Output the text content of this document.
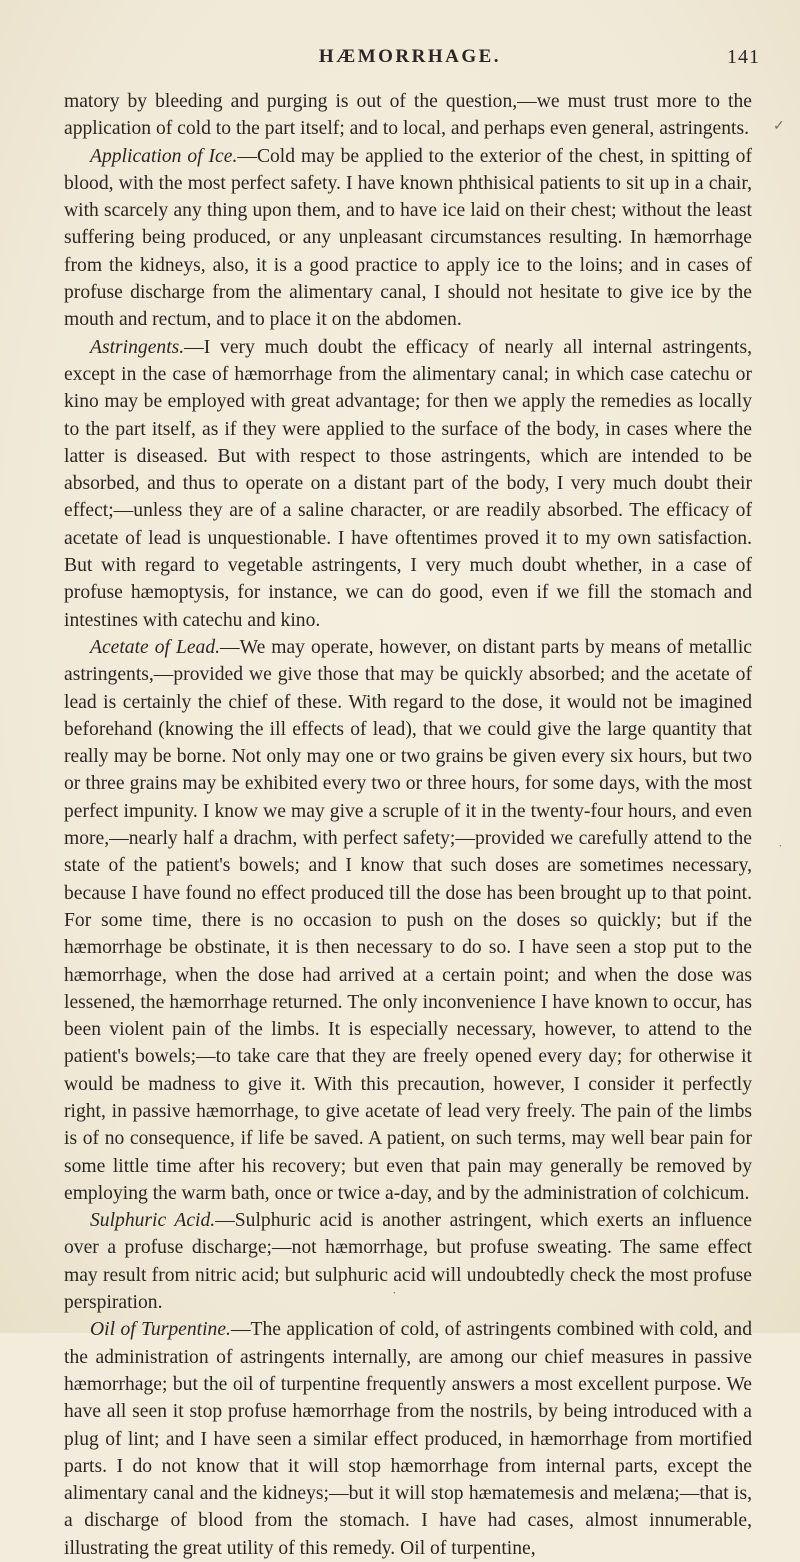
HÆMORRHAGE.	141

matory by bleeding and purging is out of the question,—we must trust more to the application of cold to the part itself; and to local, and perhaps even general, astringents.

Application of Ice.—Cold may be applied to the exterior of the chest, in spitting of blood, with the most perfect safety. I have known phthisical patients to sit up in a chair, with scarcely any thing upon them, and to have ice laid on their chest; without the least suffering being produced, or any unpleasant circumstances resulting. In hæmorrhage from the kidneys, also, it is a good practice to apply ice to the loins; and in cases of profuse discharge from the alimentary canal, I should not hesitate to give ice by the mouth and rectum, and to place it on the abdomen.

Astringents.—I very much doubt the efficacy of nearly all internal astringents, except in the case of hæmorrhage from the alimentary canal; in which case catechu or kino may be employed with great advantage; for then we apply the remedies as locally to the part itself, as if they were applied to the surface of the body, in cases where the latter is diseased. But with respect to those astringents, which are intended to be absorbed, and thus to operate on a distant part of the body, I very much doubt their effect;—unless they are of a saline character, or are readily absorbed. The efficacy of acetate of lead is unquestionable. I have oftentimes proved it to my own satisfaction. But with regard to vegetable astringents, I very much doubt whether, in a case of profuse hæmoptysis, for instance, we can do good, even if we fill the stomach and intestines with catechu and kino.

Acetate of Lead.—We may operate, however, on distant parts by means of metallic astringents,—provided we give those that may be quickly absorbed; and the acetate of lead is certainly the chief of these. With regard to the dose, it would not be imagined beforehand (knowing the ill effects of lead), that we could give the large quantity that really may be borne. Not only may one or two grains be given every six hours, but two or three grains may be exhibited every two or three hours, for some days, with the most perfect impunity. I know we may give a scruple of it in the twenty-four hours, and even more,—nearly half a drachm, with perfect safety;—provided we carefully attend to the state of the patient's bowels; and I know that such doses are sometimes necessary, because I have found no effect produced till the dose has been brought up to that point. For some time, there is no occasion to push on the doses so quickly; but if the hæmorrhage be obstinate, it is then necessary to do so. I have seen a stop put to the hæmorrhage, when the dose had arrived at a certain point; and when the dose was lessened, the hæmorrhage returned. The only inconvenience I have known to occur, has been violent pain of the limbs. It is especially necessary, however, to attend to the patient's bowels;—to take care that they are freely opened every day; for otherwise it would be madness to give it. With this precaution, however, I consider it perfectly right, in passive hæmorrhage, to give acetate of lead very freely. The pain of the limbs is of no consequence, if life be saved. A patient, on such terms, may well bear pain for some little time after his recovery; but even that pain may generally be removed by employing the warm bath, once or twice a-day, and by the administration of colchicum.

Sulphuric Acid.—Sulphuric acid is another astringent, which exerts an influence over a profuse discharge;—not hæmorrhage, but profuse sweating. The same effect may result from nitric acid; but sulphuric acid will undoubtedly check the most profuse perspiration.

Oil of Turpentine.—The application of cold, of astringents combined with cold, and the administration of astringents internally, are among our chief measures in passive hæmorrhage; but the oil of turpentine frequently answers a most excellent purpose. We have all seen it stop profuse hæmorrhage from the nostrils, by being introduced with a plug of lint; and I have seen a similar effect produced, in hæmorrhage from mortified parts. I do not know that it will stop hæmorrhage from internal parts, except the alimentary canal and the kidneys;—but it will stop hæmatemesis and melæna;—that is, a discharge of blood from the stomach. I have had cases, almost innumerable, illustrating the great utility of this remedy. Oil of turpentine,

✓
˙
˙
